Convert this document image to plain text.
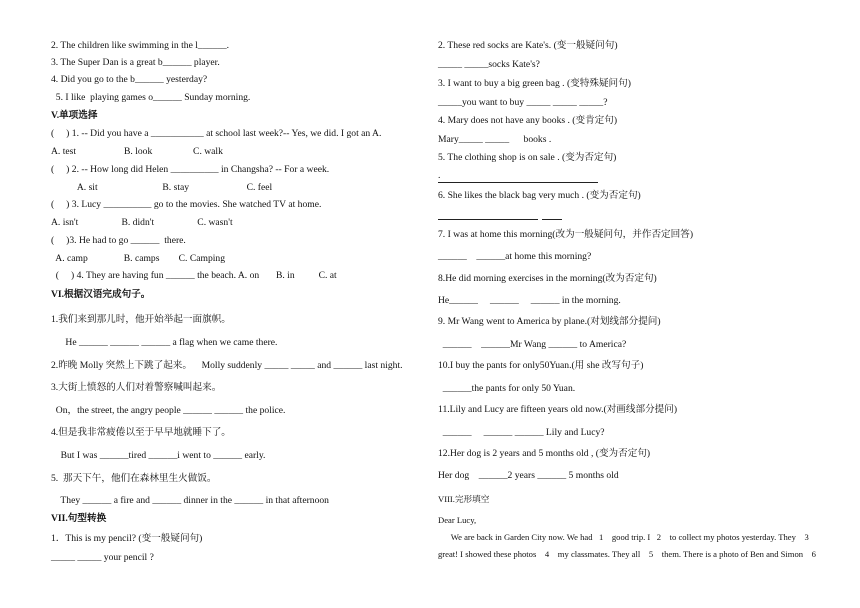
2. The children like swimming in the l______.
3. The Super Dan is a great b______ player.
4. Did you go to the b______ yesterday?
5. I like  playing games o______ Sunday morning.
V.单项选择
(     ) 1. -- Did you have a ___________ at school last week?-- Yes, we did. I got an A.
A. test                    B. look                 C. walk
(     ) 2. -- How long did Helen __________ in Changsha? -- For a week.
A. sit                           B. stay                        C. feel
(     ) 3. Lucy __________ go to the movies. She watched TV at home.
A. isn't                  B. didn't                  C. wasn't
(     )3. He had to go ______  there.
A. camp               B. camps        C. Camping
(     ) 4. They are having fun ______ the beach. A. on       B. in          C. at
VI.根据汉语完成句子。
1.我们来到那儿时，他开始举起一面旗帜。
He ______ ______ ______ a flag when we came there.
2.昨晚 Molly 突然上下跳了起来。    Molly suddenly _____ _____ and ______ last night.
3.大街上愤怒的人们对着警察喊叫起来。
On，the street, the angry people ______ ______ the police.
4.但是我非常疲倦以至于早早地就睡下了。
But I was ______tired ______i went to ______ early.
5.  那天下午，他们在森林里生火做饭。
They ______ a fire and ______ dinner in the ______ in that afternoon
VII.句型转换
1．This is my pencil? (变一般疑问句)
_____ _____ your pencil ?
2. These red socks are Kate's. (变一般疑问句)
_____ _____socks Kate's?
3. I want to buy a big green bag . (变特殊疑问句)
_____you want to buy _____ _____ _____?
4. Mary does not have any books . (变肯定句)
Mary_____ _____      books .
5. The clothing shop is on sale . (变为否定句)
.
6. She likes the black bag very much . (变为否定句)
7. I was at home this morning(改为一般疑问句，并作否定回答)
______    ______at home this morning?
8.He did morning exercises in the morning(改为否定句)
He______     ______     ______ in the morning.
9. Mr Wang went to America by plane.(对划线部分提问)
______    ______Mr Wang ______ to America?
10.I buy the pants for only50Yuan.(用 she 改写句子)
______the pants for only 50 Yuan.
11.Lily and Lucy are fifteen years old now.(对画线部分提问)
______     ______ ______ Lily and Lucy?
12.Her dog is 2 years and 5 months old , (变为否定句)
Her dog    ______2 years ______ 5 months old
VIII.完形填空
Dear Lucy,
We are back in Garden City now. We had   1    good trip. I   2    to collect my photos yesterday. They    3
great! I showed these photos    4    my classmates. They all    5    them. There is a photo of Ben and Simon    6
